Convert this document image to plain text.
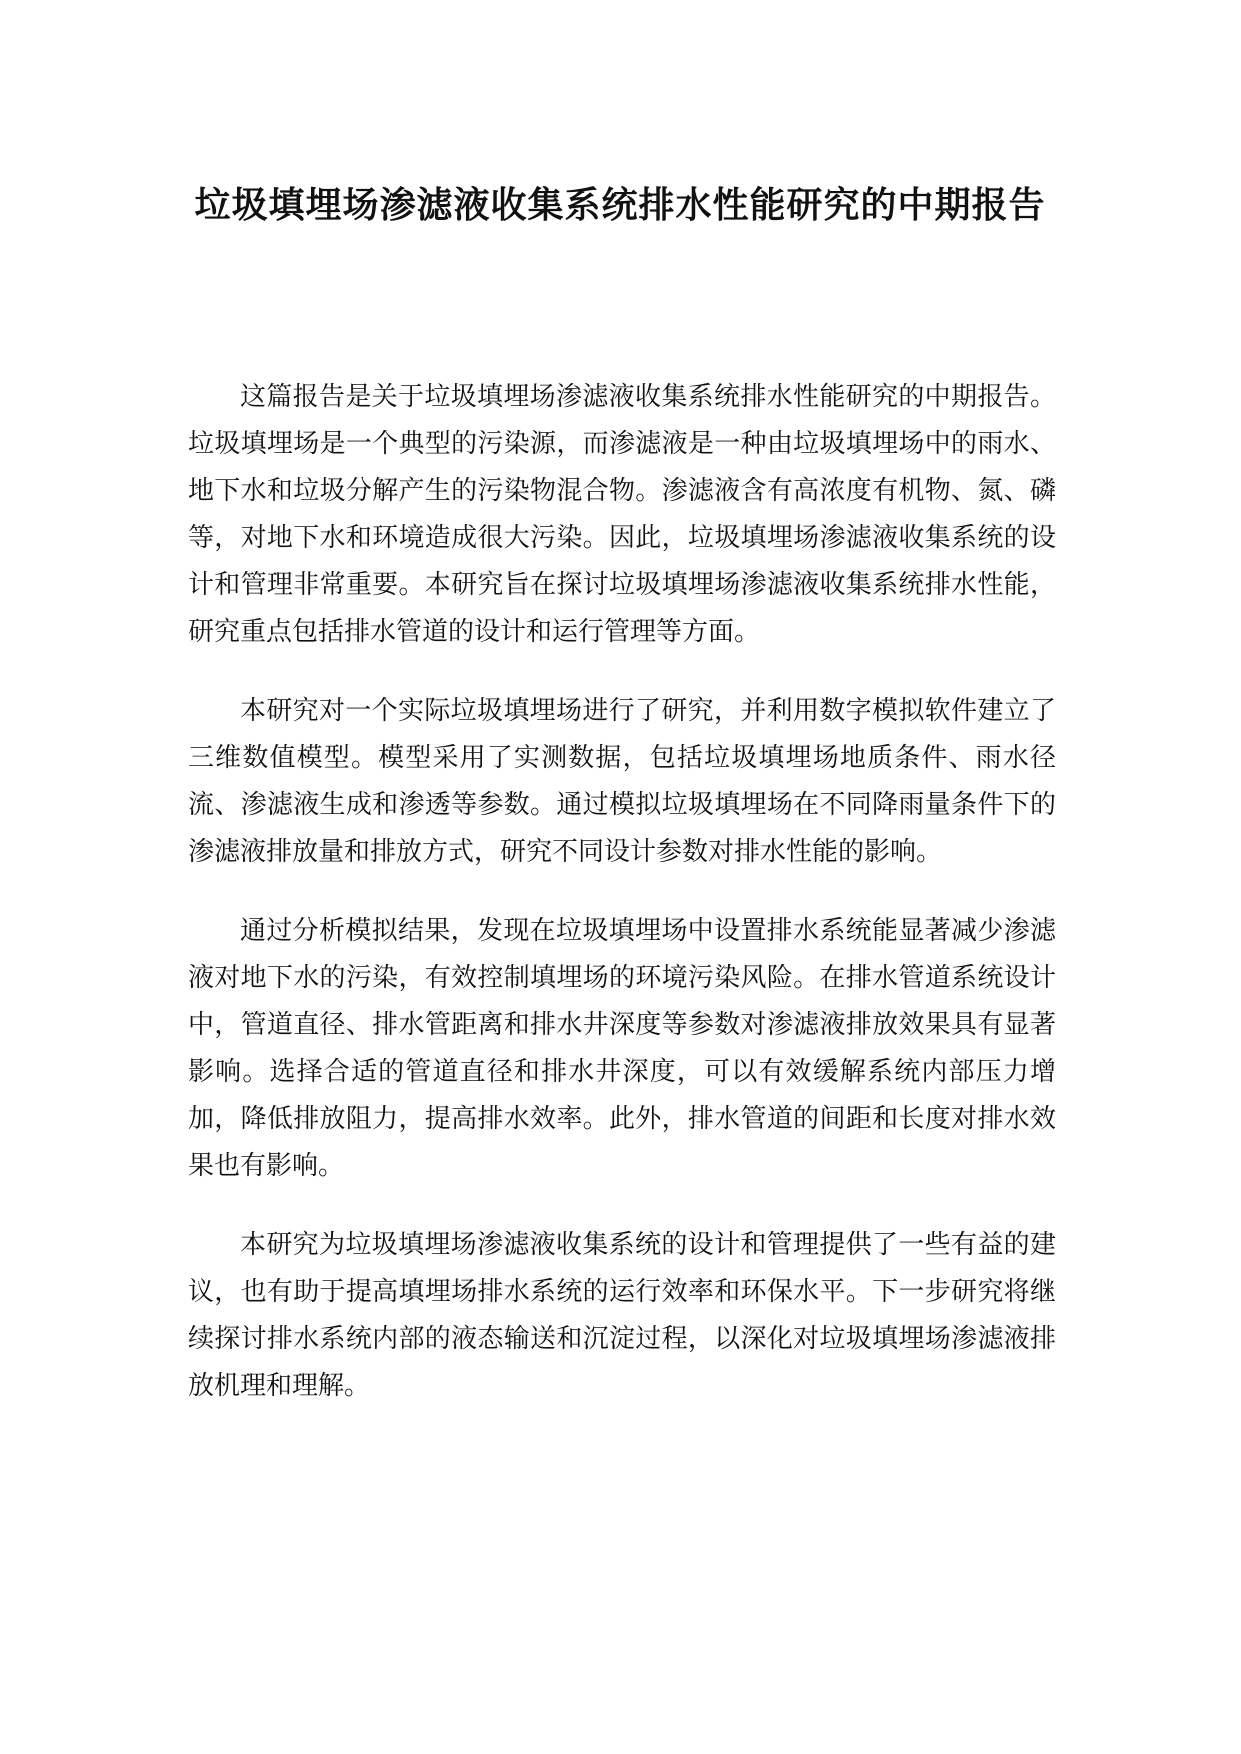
垃圾填埋场渗滤液收集系统排水性能研究的中期报告

这篇报告是关于垃圾填埋场渗滤液收集系统排水性能研究的中期报告。垃圾填埋场是一个典型的污染源，而渗滤液是一种由垃圾填埋场中的雨水、地下水和垃圾分解产生的污染物混合物。渗滤液含有高浓度有机物、氮、磷等，对地下水和环境造成很大污染。因此，垃圾填埋场渗滤液收集系统的设计和管理非常重要。本研究旨在探讨垃圾填埋场渗滤液收集系统排水性能，研究重点包括排水管道的设计和运行管理等方面。

本研究对一个实际垃圾填埋场进行了研究，并利用数字模拟软件建立了三维数值模型。模型采用了实测数据，包括垃圾填埋场地质条件、雨水径流、渗滤液生成和渗透等参数。通过模拟垃圾填埋场在不同降雨量条件下的渗滤液排放量和排放方式，研究不同设计参数对排水性能的影响。

通过分析模拟结果，发现在垃圾填埋场中设置排水系统能显著减少渗滤液对地下水的污染，有效控制填埋场的环境污染风险。在排水管道系统设计中，管道直径、排水管距离和排水井深度等参数对渗滤液排放效果具有显著影响。选择合适的管道直径和排水井深度，可以有效缓解系统内部压力增加，降低排放阻力，提高排水效率。此外，排水管道的间距和长度对排水效果也有影响。

本研究为垃圾填埋场渗滤液收集系统的设计和管理提供了一些有益的建议，也有助于提高填埋场排水系统的运行效率和环保水平。下一步研究将继续探讨排水系统内部的液态输送和沉淀过程，以深化对垃圾填埋场渗滤液排放机理和理解。
